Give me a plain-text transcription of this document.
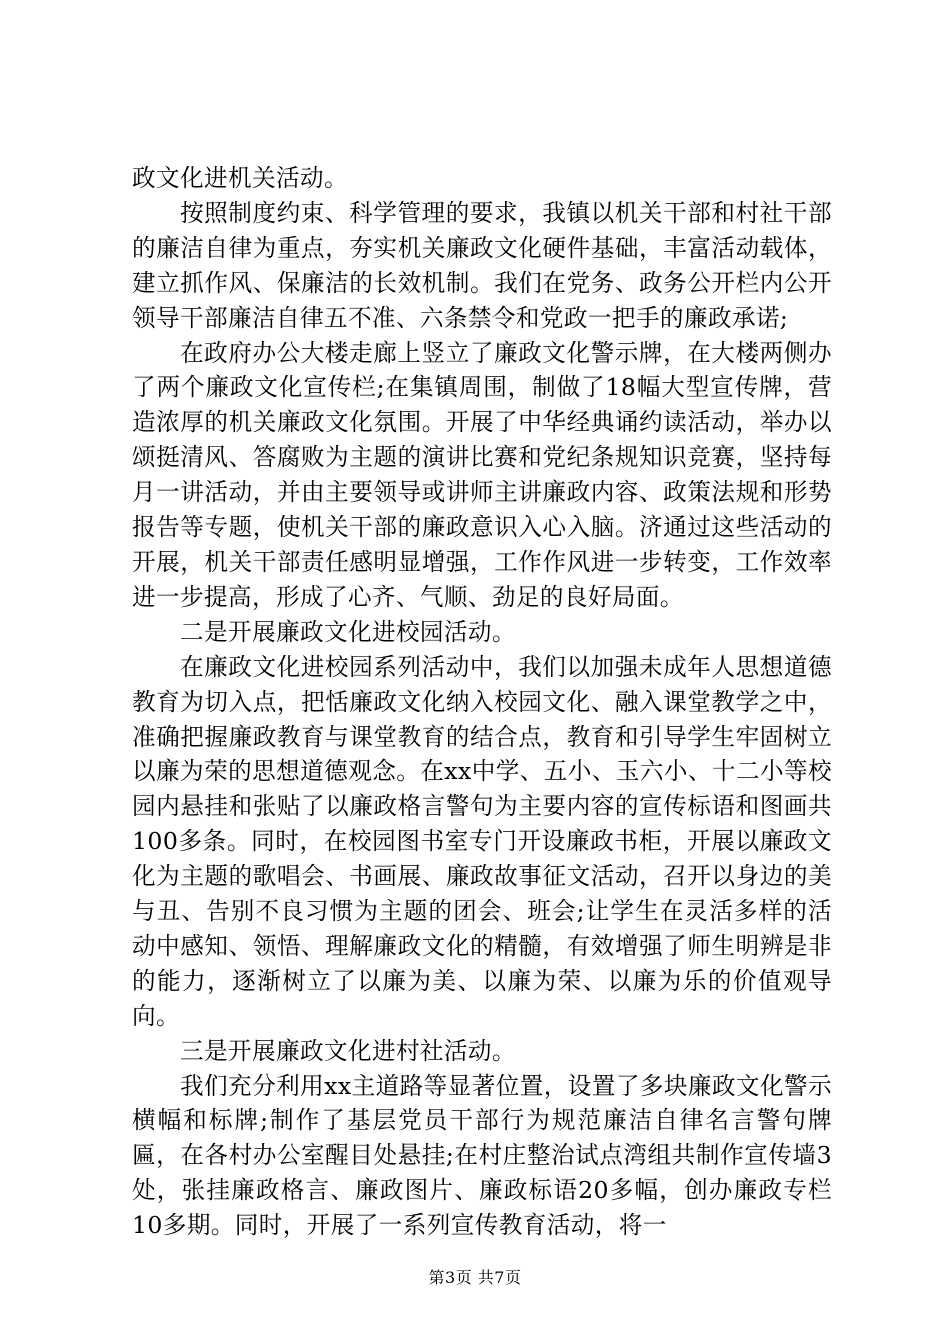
政文化进机关活动。

按照制度约束、科学管理的要求，我镇以机关干部和村社干部的廉洁自律为重点，夯实机关廉政文化硬件基础，丰富活动载体，建立抓作风、保廉洁的长效机制。我们在党务、政务公开栏内公开领导干部廉洁自律五不准、六条禁令和党政一把手的廉政承诺;

在政府办公大楼走廊上竖立了廉政文化警示牌，在大楼两侧办了两个廉政文化宣传栏;在集镇周围，制做了18幅大型宣传牌，营造浓厚的机关廉政文化氛围。开展了中华经典诵约读活动，举办以颂挺清风、答腐败为主题的演讲比赛和党纪条规知识竞赛，坚持每月一讲活动，并由主要领导或讲师主讲廉政内容、政策法规和形势报告等专题，使机关干部的廉政意识入心入脑。济通过这些活动的开展，机关干部责任感明显增强，工作作风进一步转变，工作效率进一步提高，形成了心齐、气顺、劲足的良好局面。

二是开展廉政文化进校园活动。

在廉政文化进校园系列活动中，我们以加强未成年人思想道德教育为切入点，把恬廉政文化纳入校园文化、融入课堂教学之中，准确把握廉政教育与课堂教育的结合点，教育和引导学生牢固树立以廉为荣的思想道德观念。在xx中学、五小、玉六小、十二小等校园内悬挂和张贴了以廉政格言警句为主要内容的宣传标语和图画共100多条。同时，在校园图书室专门开设廉政书柜，开展以廉政文化为主题的歌唱会、书画展、廉政故事征文活动，召开以身边的美与丑、告别不良习惯为主题的团会、班会;让学生在灵活多样的活动中感知、领悟、理解廉政文化的精髓，有效增强了师生明辨是非的能力，逐渐树立了以廉为美、以廉为荣、以廉为乐的价值观导向。

三是开展廉政文化进村社活动。

我们充分利用xx主道路等显著位置，设置了多块廉政文化警示横幅和标牌;制作了基层党员干部行为规范廉洁自律名言警句牌匾，在各村办公室醒目处悬挂;在村庄整治试点湾组共制作宣传墙3处，张挂廉政格言、廉政图片、廉政标语20多幅，创办廉政专栏10多期。同时，开展了一系列宣传教育活动，将一

第3页 共7页
